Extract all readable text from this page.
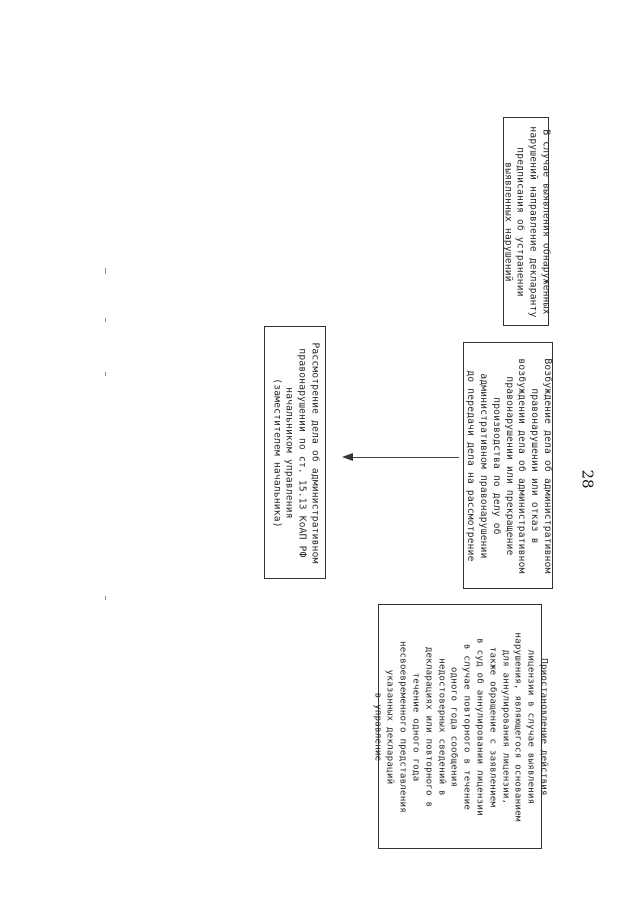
28
В случае выявления обнаруженных
нарушений направление декларанту
предписания об устранении
выявленных нарушений
Возбуждение дела об административном
правонарушении или отказ в
возбуждении дела об административном
правонарушении или прекращение
производства по делу об
административном правонарушении
до передачи дела на рассмотрение
Рассмотрение дела об административном
правонарушении по ст. 15.13 КоАП РФ
начальником управления
(заместителем начальника)
Приостановление действия
лицензии в случае выявления
нарушения, являющегося основанием
для аннулирования лицензии,
также обращение с заявлением
в суд об аннулировании лицензии
в случае повторного в течение
одного года сообщения
недостоверных сведений в
декларациях или повторного в
течение одного года
несвоевременного представления
указанных деклараций
в управление
